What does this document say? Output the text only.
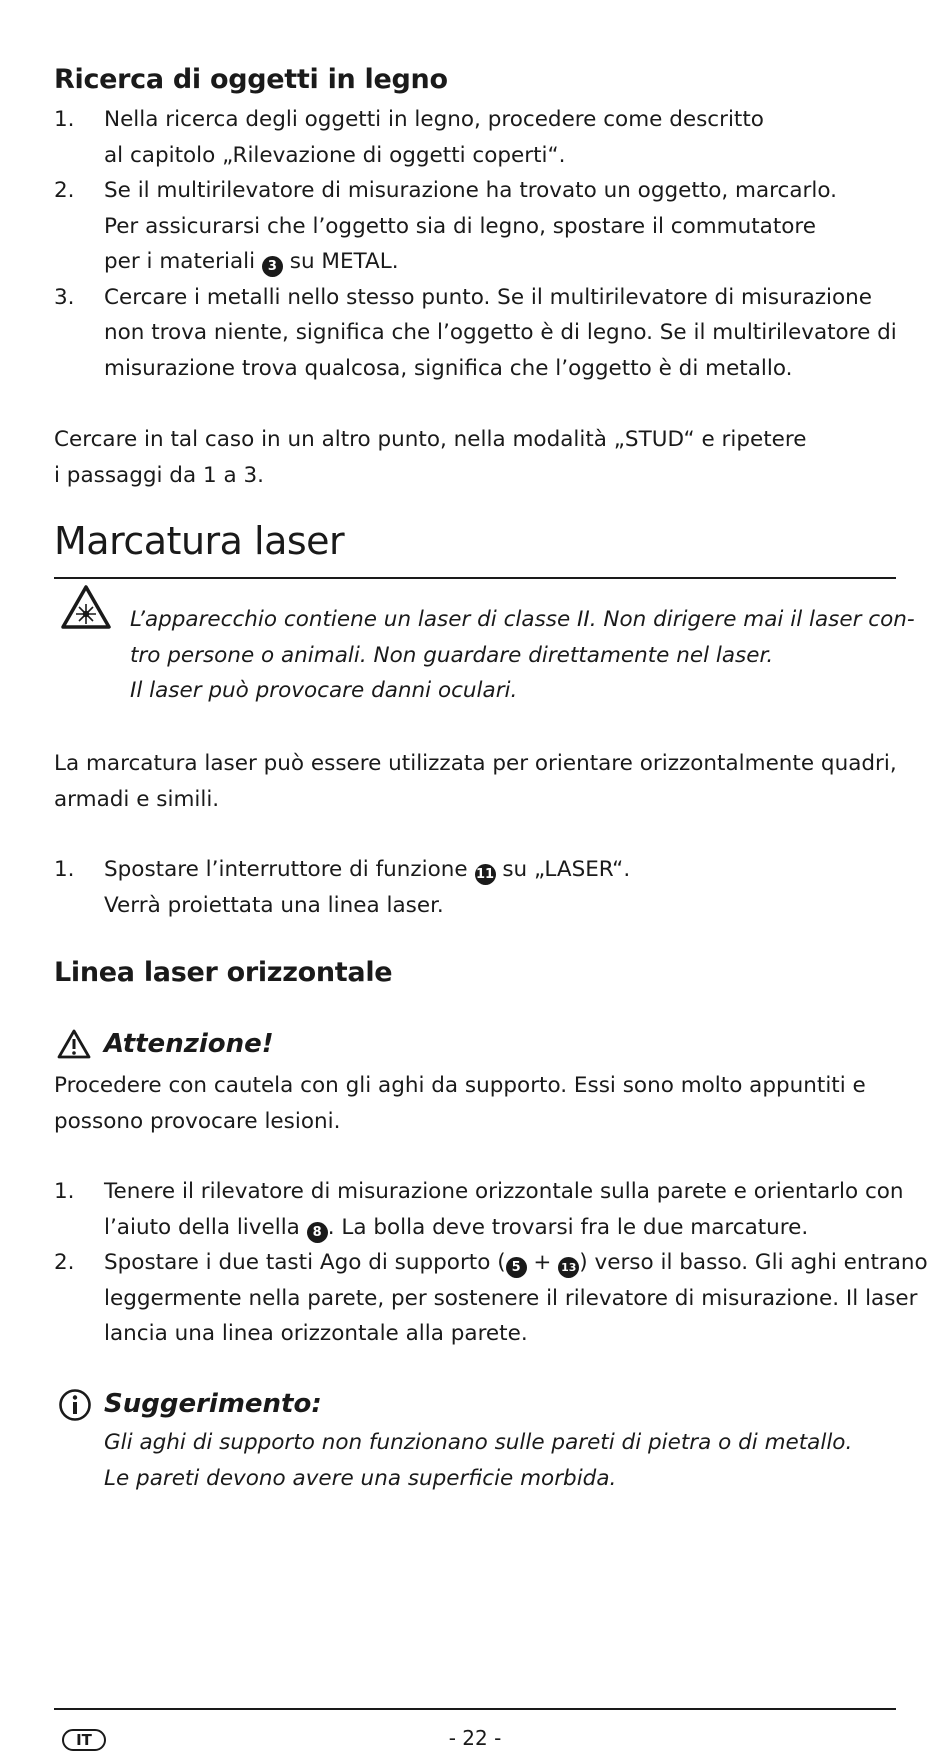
Ricerca di oggetti in legno
1. Nella ricerca degli oggetti in legno, procedere come descritto
al capitolo „Rilevazione di oggetti coperti“.
2. Se il multirilevatore di misurazione ha trovato un oggetto, marcarlo.
Per assicurarsi che l’oggetto sia di legno, spostare il commutatore
per i materiali 3 su METAL.
3. Cercare i metalli nello stesso punto. Se il multirilevatore di misurazione
non trova niente, significa che l’oggetto è di legno. Se il multirilevatore di
misurazione trova qualcosa, significa che l’oggetto è di metallo.
Cercare in tal caso in un altro punto, nella modalità „STUD“ e ripetere
i passaggi da 1 a 3.
Marcatura laser
L’apparecchio contiene un laser di classe II. Non dirigere mai il laser con-
tro persone o animali. Non guardare direttamente nel laser.
Il laser può provocare danni oculari.
La marcatura laser può essere utilizzata per orientare orizzontalmente quadri,
armadi e simili.
1. Spostare l’interruttore di funzione 11 su „LASER“.
Verrà proiettata una linea laser.
Linea laser orizzontale
Attenzione!
Procedere con cautela con gli aghi da supporto. Essi sono molto appuntiti e
possono provocare lesioni.
1. Tenere il rilevatore di misurazione orizzontale sulla parete e orientarlo con
l’aiuto della livella 8 . La bolla deve trovarsi fra le due marcature.
2. Spostare i due tasti Ago di supporto ( 5 + 13 ) verso il basso. Gli aghi entrano
leggermente nella parete, per sostenere il rilevatore di misurazione. Il laser
lancia una linea orizzontale alla parete.
Suggerimento:
Gli aghi di supporto non funzionano sulle pareti di pietra o di metallo.
Le pareti devono avere una superficie morbida.
IT	- 22 -
